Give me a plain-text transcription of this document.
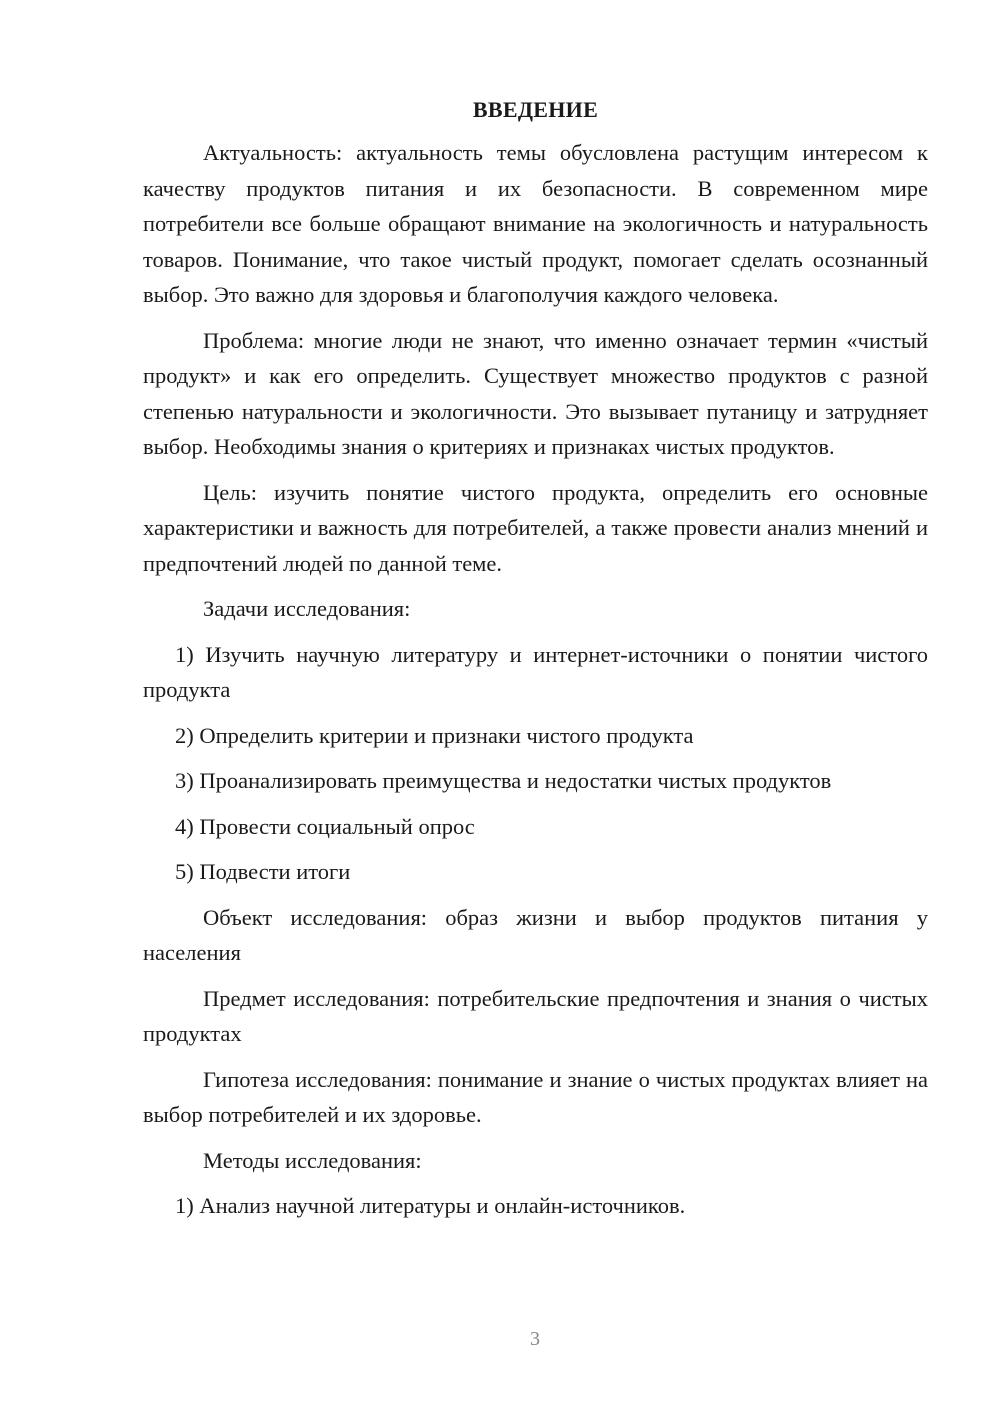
ВВЕДЕНИЕ

Актуальность: актуальность темы обусловлена растущим интересом к качеству продуктов питания и их безопасности. В современном мире потребители все больше обращают внимание на экологичность и натуральность товаров. Понимание, что такое чистый продукт, помогает сделать осознанный выбор. Это важно для здоровья и благополучия каждого человека.

Проблема: многие люди не знают, что именно означает термин «чистый продукт» и как его определить. Существует множество продуктов с разной степенью натуральности и экологичности. Это вызывает путаницу и затрудняет выбор. Необходимы знания о критериях и признаках чистых продуктов.

Цель: изучить понятие чистого продукта, определить его основные характеристики и важность для потребителей, а также провести анализ мнений и предпочтений людей по данной теме.

Задачи исследования:

1) Изучить научную литературу и интернет-источники о понятии чистого продукта

2) Определить критерии и признаки чистого продукта

3) Проанализировать преимущества и недостатки чистых продуктов

4) Провести социальный опрос

5) Подвести итоги

Объект исследования: образ жизни и выбор продуктов питания у населения

Предмет исследования: потребительские предпочтения и знания о чистых продуктах

Гипотеза исследования: понимание и знание о чистых продуктах влияет на выбор потребителей и их здоровье.

Методы исследования:

1) Анализ научной литературы и онлайн-источников.

3
